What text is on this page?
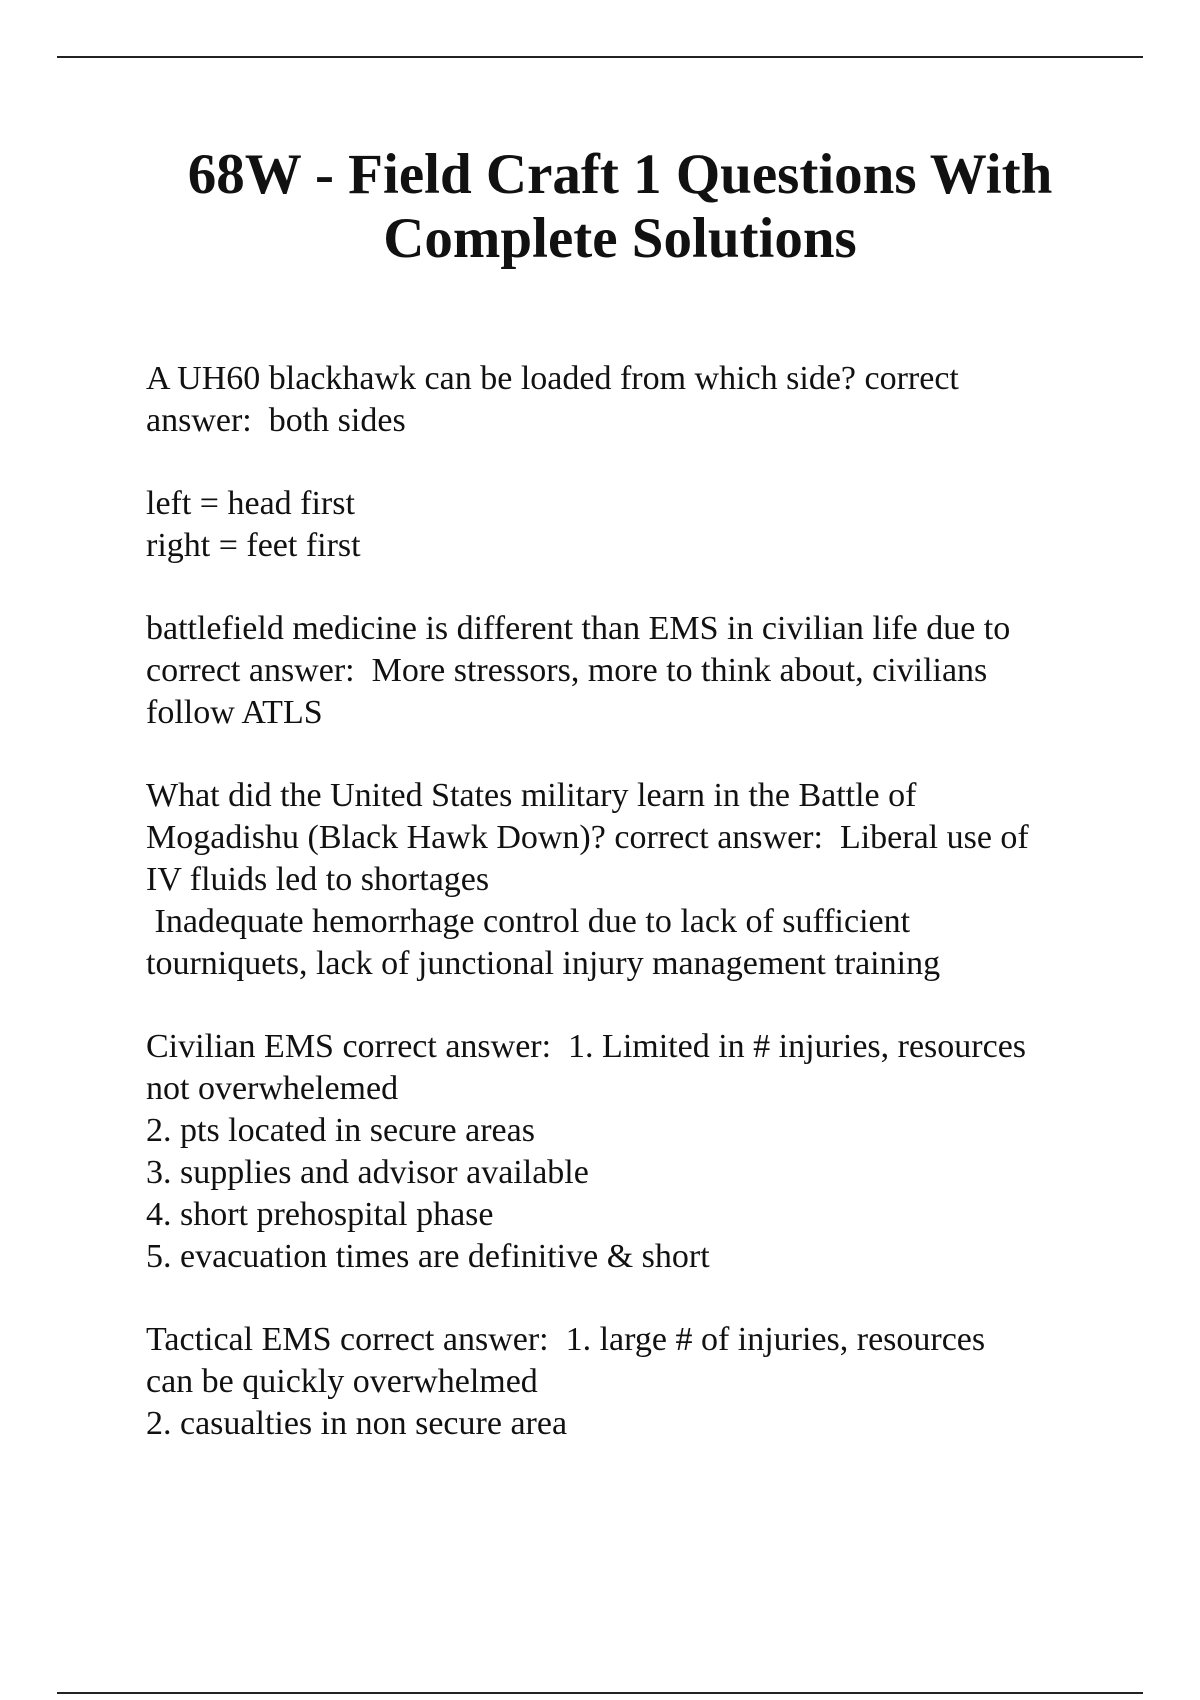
68W - Field Craft 1 Questions With
Complete Solutions
A UH60 blackhawk can be loaded from which side? correct
answer:  both sides
left = head first
right = feet first
battlefield medicine is different than EMS in civilian life due to
correct answer:  More stressors, more to think about, civilians
follow ATLS
What did the United States military learn in the Battle of
Mogadishu (Black Hawk Down)? correct answer:  Liberal use of
IV fluids led to shortages
Inadequate hemorrhage control due to lack of sufficient
tourniquets, lack of junctional injury management training
Civilian EMS correct answer:  1. Limited in # injuries, resources
not overwhelemed
2. pts located in secure areas
3. supplies and advisor available
4. short prehospital phase
5. evacuation times are definitive & short
Tactical EMS correct answer:  1. large # of injuries, resources
can be quickly overwhelmed
2. casualties in non secure area
